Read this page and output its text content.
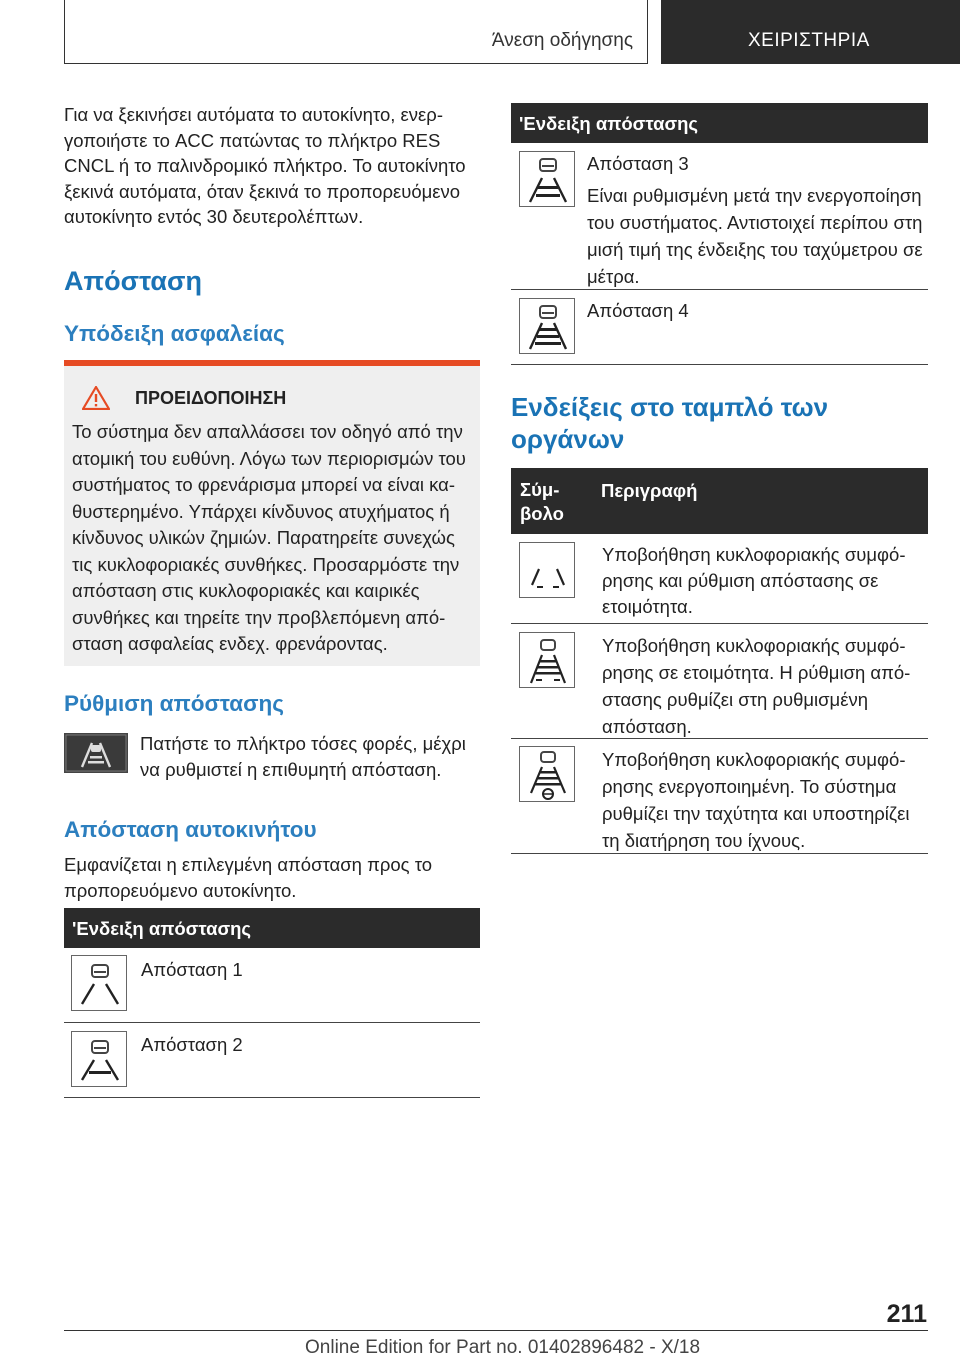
Άνεση οδήγησης	ΧΕΙΡΙΣΤΗΡΙΑ

Για να ξεκινήσει αυτόματα το αυτοκίνητο, ενεργοποιήστε το ACC πατώντας το πλήκτρο RES CNCL ή το παλινδρομικό πλήκτρο. Το αυτοκίνητο ξεκινά αυτόματα, όταν ξεκινά το προπορευόμενο αυτοκίνητο εντός 30 δευτερολέπτων.

Απόσταση
Υπόδειξη ασφαλείας
ΠΡΟΕΙΔΟΠΟΙΗΣΗ

Το σύστημα δεν απαλλάσσει τον οδηγό από την ατομική του ευθύνη. Λόγω των περιορισμών του συστήματος το φρενάρισμα μπορεί να είναι καθυστερημένο. Υπάρχει κίνδυνος ατυχήματος ή κίνδυνος υλικών ζημιών. Παρατηρείτε συνεχώς τις κυκλοφοριακές συνθήκες. Προσαρμόστε την απόσταση στις κυκλοφοριακές και καιρικές συνθήκες και τηρείτε την προβλεπόμενη απόσταση ασφαλείας ενδεχ. φρενάροντας.

Ρύθμιση απόστασης

Πατήστε το πλήκτρο τόσες φορές, μέχρι να ρυθμιστεί η επιθυμητή απόσταση.

Απόσταση αυτοκινήτου

Εμφανίζεται η επιλεγμένη απόσταση προς το προπορευόμενο αυτοκίνητο.

'Ενδειξη απόστασης

Απόσταση 1

Απόσταση 2

'Ενδειξη απόστασης

Απόσταση 3

Είναι ρυθμισμένη μετά την ενεργοποίηση του συστήματος. Αντιστοιχεί περίπου στη μισή τιμή της ένδειξης του ταχύμετρου σε μέτρα.

Απόσταση 4

Ενδείξεις στο ταμπλό των οργάνων
Σύμβολο
Περιγραφή

Υποβοήθηση κυκλοφοριακής συμφόρησης και ρύθμιση απόστασης σε ετοιμότητα.

Υποβοήθηση κυκλοφοριακής συμφόρησης σε ετοιμότητα. Η ρύθμιση απόστασης ρυθμίζει στη ρυθμισμένη απόσταση.

Υποβοήθηση κυκλοφοριακής συμφόρησης ενεργοποιημένη. Το σύστημα ρυθμίζει την ταχύτητα και υποστηρίζει τη διατήρηση του ίχνους.

211
Online Edition for Part no. 01402896482 - X/18
